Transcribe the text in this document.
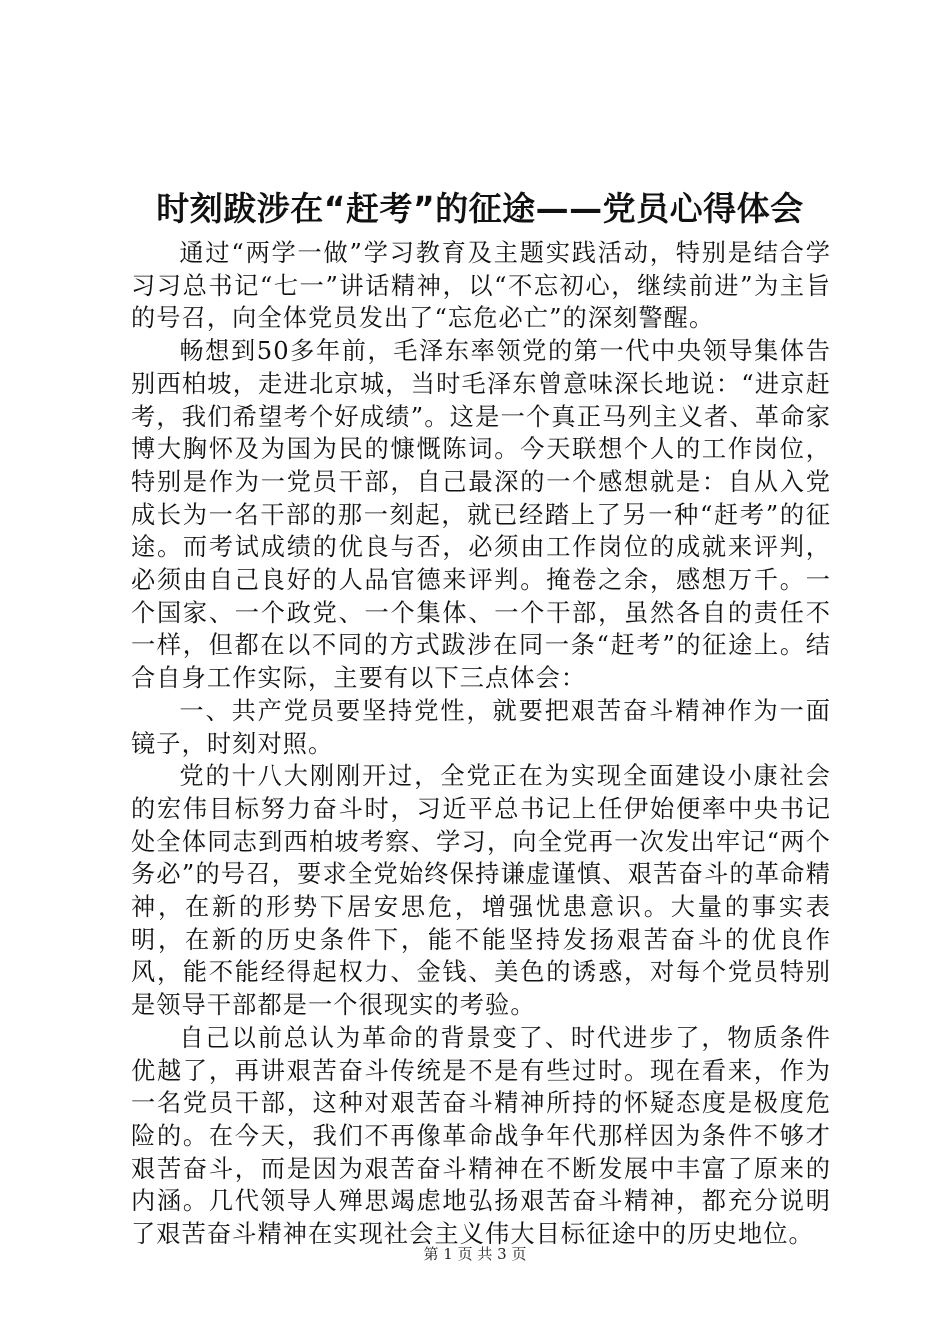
时刻跋涉在“赶考”的征途——党员心得体会

通过“两学一做”学习教育及主题实践活动，特别是结合学习习总书记“七一”讲话精神，以“不忘初心，继续前进”为主旨的号召，向全体党员发出了“忘危必亡”的深刻警醒。

畅想到50多年前，毛泽东率领党的第一代中央领导集体告别西柏坡，走进北京城，当时毛泽东曾意味深长地说：“进京赶考，我们希望考个好成绩”。这是一个真正马列主义者、革命家博大胸怀及为国为民的慷慨陈词。今天联想个人的工作岗位，特别是作为一党员干部，自己最深的一个感想就是：自从入党成长为一名干部的那一刻起，就已经踏上了另一种“赶考”的征途。而考试成绩的优良与否，必须由工作岗位的成就来评判，必须由自己良好的人品官德来评判。掩卷之余，感想万千。一个国家、一个政党、一个集体、一个干部，虽然各自的责任不一样，但都在以不同的方式跋涉在同一条“赶考”的征途上。结合自身工作实际，主要有以下三点体会：

一、共产党员要坚持党性，就要把艰苦奋斗精神作为一面镜子，时刻对照。

党的十八大刚刚开过，全党正在为实现全面建设小康社会的宏伟目标努力奋斗时，习近平总书记上任伊始便率中央书记处全体同志到西柏坡考察、学习，向全党再一次发出牢记“两个务必”的号召，要求全党始终保持谦虚谨慎、艰苦奋斗的革命精神，在新的形势下居安思危，增强忧患意识。大量的事实表明，在新的历史条件下，能不能坚持发扬艰苦奋斗的优良作风，能不能经得起权力、金钱、美色的诱惑，对每个党员特别是领导干部都是一个很现实的考验。

自己以前总认为革命的背景变了、时代进步了，物质条件优越了，再讲艰苦奋斗传统是不是有些过时。现在看来，作为一名党员干部，这种对艰苦奋斗精神所持的怀疑态度是极度危险的。在今天，我们不再像革命战争年代那样因为条件不够才艰苦奋斗，而是因为艰苦奋斗精神在不断发展中丰富了原来的内涵。几代领导人殚思竭虑地弘扬艰苦奋斗精神，都充分说明了艰苦奋斗精神在实现社会主义伟大目标征途中的历史地位。

第 1 页 共 3 页
